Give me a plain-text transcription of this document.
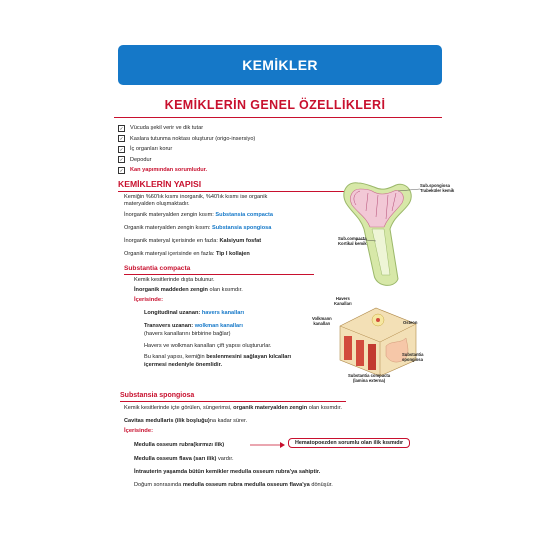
KEMİKLER
KEMİKLERİN GENEL ÖZELLİKLERİ
✓ Vücuda şekil verir ve dik tutar
✓ Kaslara tutunma noktası oluşturur (origo-insersiyo)
✓ İç organları korur
✓ Depodur
✓ Kan yapımından sorumludur.
KEMİKLERİN YAPISI
Kemiğin %60'lık kısmı inorganik, %40'lık kısmı ise organik
materyalden oluşmaktadır.
İnorganik materyalden zengin kısım: Substansia compacta
Organik materyalden zengin kısım: Substansia spongiosa
İnorganik materyal içerisinde en fazla: Kalsiyum fosfat
Organik materyal içerisinde en fazla: Tip I kollajen
Sub.spongiosa
Trabeküler kemik
Sub.compacta
Kortikal kemik
Substantia compacta
Kemik kesitlerinde dışta bulunur.
İnorganik maddeden zengin olan kısımdır.
İçerisinde:
Longitudinal uzanan: havers kanalları
Transvers uzanan: wolkman kanalları
(havers kanallarını birbirine bağlar)
Havers ve wolkman kanalları çift yapısı oluştururlar.
Bu kanal yapısı, kemiğin beslenmesini sağlayan kılcalları
içermesi nedeniyle önemlidir.
Havers
Kanalları
Volkmann
kanalları	Osteon
Substantia
spongiosa
Substantia compacta
(lamina externa)
Substansia spongiosa
Kemik kesitlerinde içte görülen, süngerimsi, organik materyalden zengin olan kısımdır.
Cavitas medullaris (ilik boşluğu)na kadar sürer.
İçerisinde:
Medulla osseum rubra(kırmızı ilik)	Hematopoezden sorumlu olan ilik kısmıdır
Medulla osseum flava (sarı ilik) vardır.
İntrauterin yaşamda bütün kemikler medulla osseum rubra'ya sahiptir.
Doğum sonrasında medulla osseum rubra medulla osseum flava'ya dönüşür.
